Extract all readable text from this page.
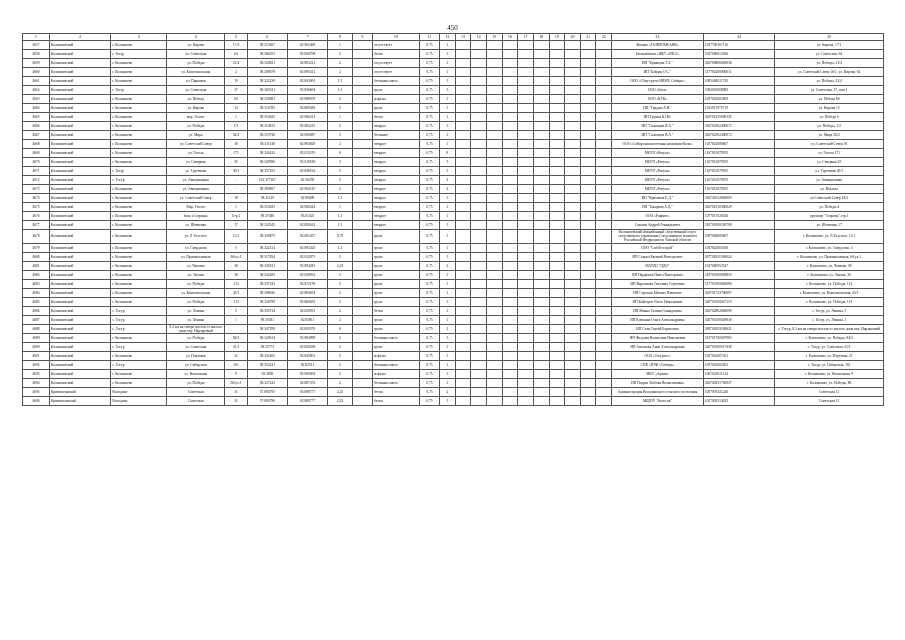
450
1	2	3	4	5	6	7	8	9	10	11	12	13	14	15	16	17	18	19	20	21	22	23	24	25
4657	Колпашевский	г. Колпашево	ул. Кирова	17/2	58.313487	82.902469	1		отсутствует	0,75	1											Филиал «ГАЗПРОМБАНК»	1027700167110	ул. Кирова, 17/1
4658	Колпашевский	г. Тогур	ул. Советская	64	58.366353	82.836708	2		бетон	0,75	1											Биокомбинат «ФКУ «ИК-2»	1027000612926	ул. Советская, 64
4659	Колпашевский	г. Колпашево	ул. Победы	21/4	58.320631	82.893221	2		отсутствует	0,75	1											ИП "Кривцова Т.А."	304700806600036	ул. Победы, 21/4
4660	Колпашевский	г. Колпашево	ул. Комсомольская	2	58.309079	82.895412	2		отсутствует	0,75	1											ИП "Байдан О.С."	317702200000011	ул. Советский Север 16/1, ул. Кирова, 62
4661	Колпашевский	г. Колпашево	ул. Парковая	19	58.322239	82.843691	1,5		бетонная плита	0,75	1											ООО «Сбер-групп НИМЗ. Сибирь»	1095404021745	ул. Победы, 21/4
4662	Колпашевский	г. Тогур	ул. Советская	37	58.365341	82.830604	1,5		грунт	0,75	1											ООО «Бета»	1063022008085	ул. Советская, 37, пом 1
4663	Колпашевский	г. Колпашево	ул. Победа	84	58.329081	82.888078	2		асфальт	0,75	1											ООО «КТК»	1037022002005	ул. Победа 84
4664	Колпашевский	г. Колпашево	ул. Кирова	13	58.316785	82.899483	2		грунт	0,75	1											ИП "Гардаш А.В."	1163017072719	ул. Кирова 13
4665	Колпашевский	г. Колпашево	мкр. Геолог	1	58.314635	82.906214	1		бетон	0,75	1											ИП Трунин Ю.Ю.	304702235000145	ул. Победа 6
4666	Колпашевский	г. Колпашево	ул. Победы	1/5	58.314813	82.902215	2		твердое	0,75	1											ИП "Саженцев В.А."	304702502400072	ул. Победы, 1/2
4667	Колпашевский	г. Колпашево	ул. Мира	36/2	58.319746	82.906087	3		бетонное	0,75	1											ИП "Саженцев В.А."	304702502400072	ул. Мира 36/2
4668	Колпашевский	г. Колпашево	ул. Советский Север	18	58.311548	82.894829	2		твердое	0,75	1											ООО «Сибирская ипотечная компания-Колп»	1107022000667	ул. Советский Север 18
4669	Колпашевский	г. Колпашево	ул. Гоголя	171	58.324432	83.015219	6		твердое	0,75	8											МБУП «Ритуал»	1167031079555	ул. Гоголя 171
4670	Колпашевский	г. Колпашево	ул. Северная	35	58.329596	82.910549	3		твердое	0,75	5											МБУП «Ритуал»	1167031079555	ул. Северная 35
4671	Колпашевский	г. Тогур	ул. Тургенева	30/1	58.357253	82.849162	5		твердое	0,75	5											МБУП «Ритуал»	1167031079555	ул. Тургенева 30/1
4672	Колпашевский	с. Тогур	ул. Авиационная	-	513,377187	82.56559	2		твердое	0,75	2											МБУП «Ритуал»	1167031079555	ул. Авиационная
4673	Колпашевский	г. Колпашево	ул. Авиационная	-	58.390857	82.902167	2		твердое	0,75	2											МБУП «Ритуал»	1167031079555	ул. Вокзала
4674	Колпашевский	г. Колпашево	ул. Советский Север	18	58.31129	82.89609	1,5		твердое	0,75	1											ИП "Крючкова Е.Д."	304702912600005	ул.Советский Север 18/2
4675	Колпашевский	г. Колпашево	Мкр. Геолог	1	58.314635	82.906242	1		твердое	0,75	1											ИП "Бокарева А.Д."	304702510300029	ул. Победы 4
4676	Колпашевский	г. Колпашево	Зона «Старица»	Стр.1	58.37048	83.01525	1,5		твердое	0,75	1											ООО «Рифмет»	1077017028336	урочище "Старица",стр.1
4677	Колпашевский	г. Колпашево	ул. Шевченко	17	58.322345	82.892614	1,5		твердое	0,75	1											Смолин Андрей Геннадьевич	318701000100708	ул. Шевченко 17
4678	Колпашевский	г. Колпашево	ул. Л Толстого	12/1	58.330875	82.903457	0,75		грунт	0,75	1											Колпашевский межрайонный следственный отдел следственного управления Следственного комитета Российской Федерации по Томской области	1097028000607	г. Колпашево, ул. Л.Толстого, 12/1
4679	Колпашевский	г. Колпашево	ул. Свердлова	3	58.322314	82.893425	1,5		грунт	0,75	1											ООО "СибЛесстрой"	1037022003018	г. Колпашево, ул. Свердлова, 3
4680	Колпашевский	г. Колпашево	ул. Промышленная	6б/ул.1	58.317834	82.922873	2		грунт	0,75	1											ИП Сорока Евгений Викторович	307702811300024	г. Колпашево, ул. Промышленная, 6б/ул.1
4681	Колпашевский	г. Колпашево	ул. Чапаева	38	58.330321	82.894281	2,25		грунт	0,75	2											МАУДО "ЦДО"	1027000552547	г. Колпашево, ул. Чапаева, 38
4682	Колпашевский	г. Колпашево	ул. Энтова	36	58.324285	82.926932	3		грунт	0,75	1											ИП Парфенов Павел Викторович	318703100009853	г. Колпашево, ул. Энтова, 36
4683	Колпашевский	г. Колпашево	ул. Победы	113	58.337233	82.872199	2		грунт	0,75	1											ИП Варламова Светлана Сергеевна	317703100082086	г. Колпашево, ул. Победы, 112
4684	Колпашевский	г. Колпашево	ул. Комсомольская	43/1	58.308026	82.894654	2		грунт	0,75	1											ИП Сорокин Михаил Павлович	304701723700097	г. Колпашево, ул. Комсомольская, 43/1
4685	Колпашевский	г. Колпашево	ул. Победы	113	58.336789	82.866653	2		грунт	0,75	1											ИП Кайгоров Олесь Николаевич	320703100027119	г. Колпашево, ул. Победы, 113
4686	Колпашевский	с. Тогур	ул. Ленина	5	58.356734	82.829031	2		бетон	0,75	1											ИП Минко Галина Геннадьевна	304702802600009	с. Тогур, ул. Ленина, 5
4687	Колпашевский	с. Тогур	ул. Ленина	1	58.35031	82.83811	2		грунт	0,75	1											ИП Клюкина Ольга Александровна	320703100029030	с. Тогур, ул. Ленина, 1
4688	Колпашевский	с. Тогур	0,2 км на северо-восток от жилого дома пер. Нарзаровый		58.347709	82.859376	6		грунт	0,75	2											ИП Стан Сергей Борисович	309702823100021	с. Тогур, 0,2 км на северо-восток от жилого дома пер. Нарзаровый
4689	Колпашевский	г. Колпашево	ул. Победы	84/3	58.329614	82.884999	2		бетонная плита	0,75	1											ИП Фелдова Валентина Николаевна	315701700007983	г. Колпашево, ул. Победы, 84/3
4690	Колпашевский	с. Тогур	ул. Советская	41/1	58.35773	82.830296	2		грунт	0,75	1											ИП Антонова Анна Александровна	320703100017649	с. Тогур, ул. Советская, 41/1
4691	Колпашевский	г. Колпашево	ул. Портовая	21	58.321465	82.845801	2		асфальт	0,75	1											ООО «Тогурлес»	1057022007451	г. Колпашево, ул. Портовая, 21
4692	Колпашевский	с. Тогур	ул. Сибирская	161	58.352241	82.82513	2		бетонная плита	0,75	1											СПК «ПТФ «Сибирь»	1057022002201	с. Тогур, ул. Сибирская, 161
4693	Колпашевский	г. Колпашево	ул. Вокзальная	9	58.3098	82.900094	2		асфальт	0,75	1											МКУ «Архив»	1067022011314	г. Колпашево, ул. Вокзальная, 9
4694	Колпашевский	г. Колпашево	ул. Победы	6б/ул.1	58.327443	82.887553	2		бетонная плита	0,75	1											ИП Игаров Любовь Валентиновна	304702831700037	г. Колпашево, ул. Победы, 86
4695	Кривошеинский	Володино	Советская	31	57.094795	83.889777	2,25		бетон	0,75	2											Администрация Володинского сельского поселения	1057007441226	Советская 31
4696	Кривошеинский	Володино	Советская	31	57.094796	83.889777	2,25		бетон	0,75	1											МБДОУ "Колосок"	1027003314423	Советская 31
